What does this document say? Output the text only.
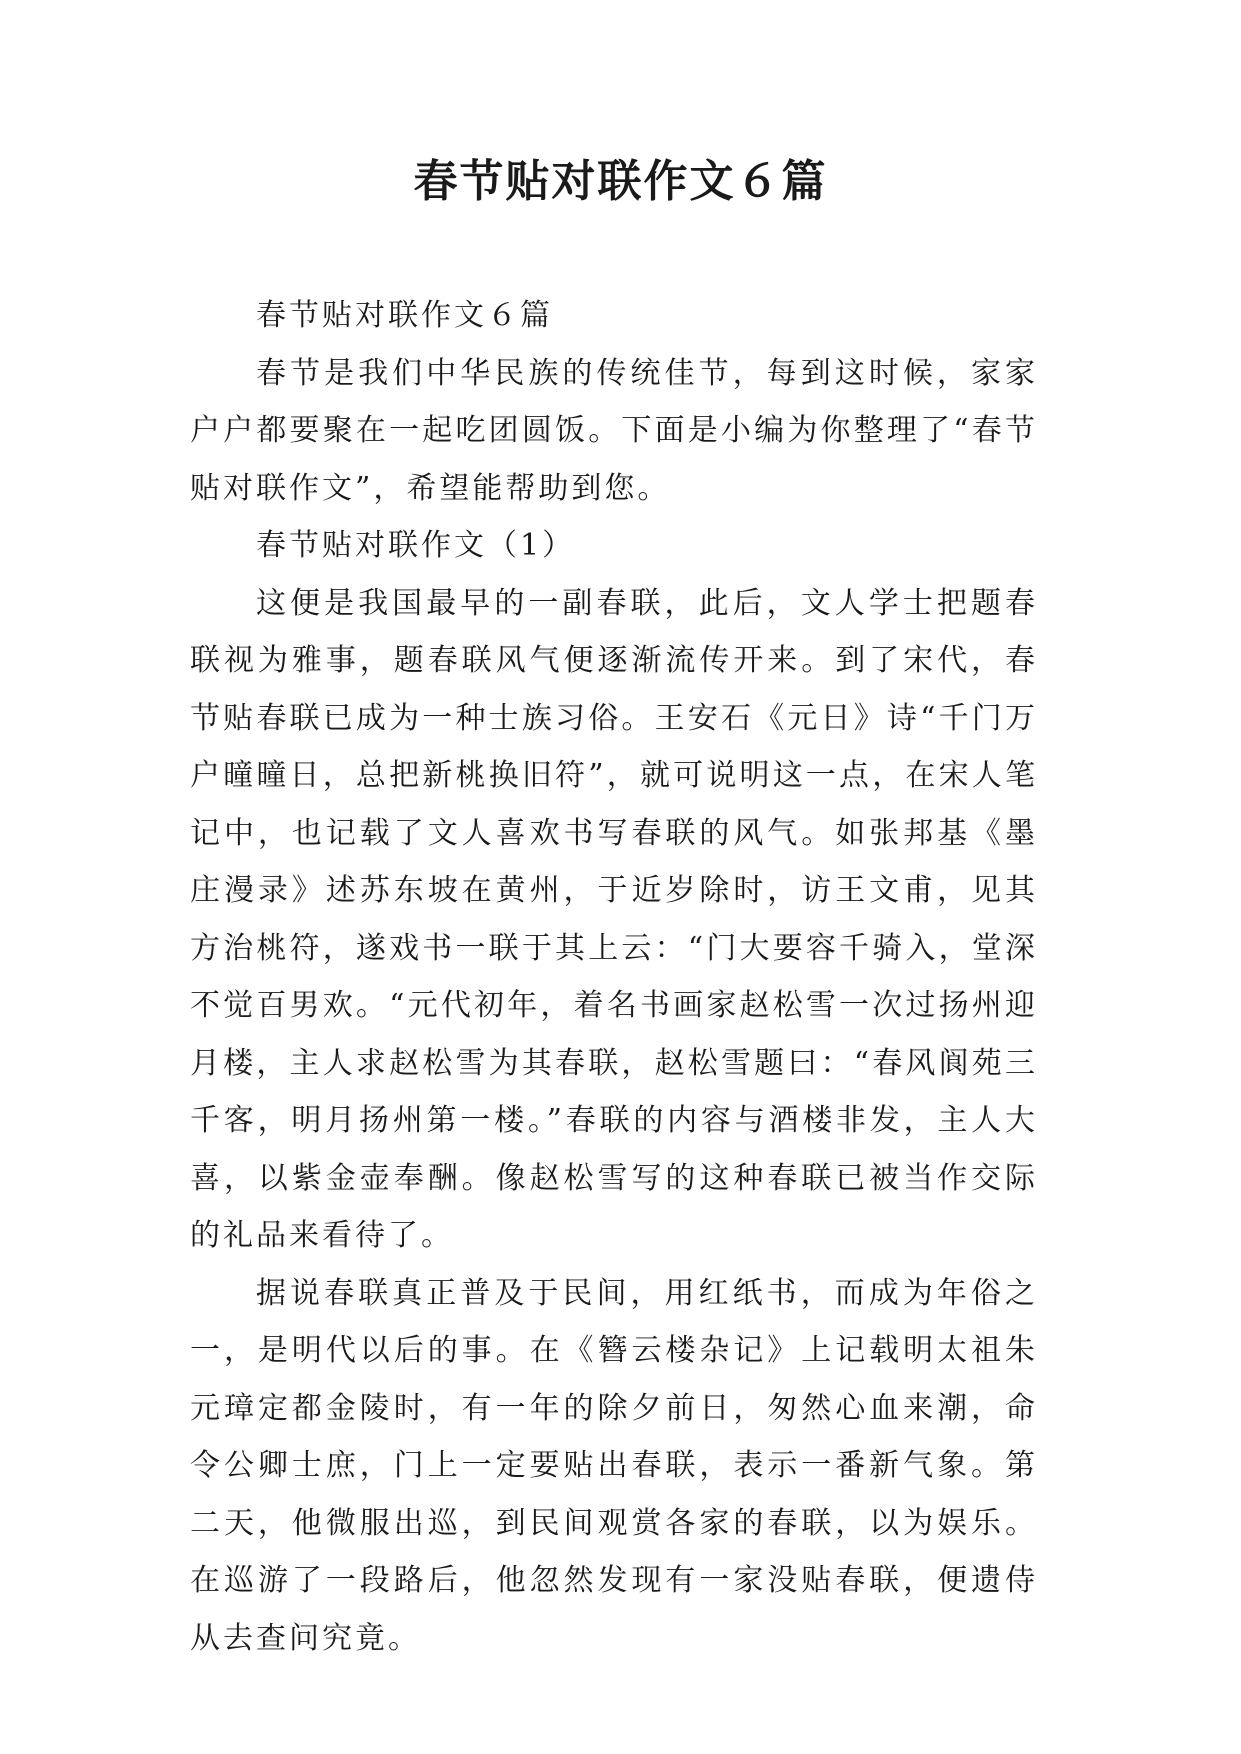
春节贴对联作文６篇

春节贴对联作文６篇

春节是我们中华民族的传统佳节，每到这时候，家家户户都要聚在一起吃团圆饭。下面是小编为你整理了“春节贴对联作文”，希望能帮助到您。

春节贴对联作文（1）

这便是我国最早的一副春联，此后，文人学士把题春联视为雅事，题春联风气便逐渐流传开来。到了宋代，春节贴春联已成为一种士族习俗。王安石《元日》诗“千门万户曈曈日，总把新桃换旧符”，就可说明这一点，在宋人笔记中，也记载了文人喜欢书写春联的风气。如张邦基《墨庄漫录》述苏东坡在黄州，于近岁除时，访王文甫，见其方治桃符，遂戏书一联于其上云：“门大要容千骑入，堂深不觉百男欢。“元代初年，着名书画家赵松雪一次过扬州迎月楼，主人求赵松雪为其春联，赵松雪题曰：“春风阆苑三千客，明月扬州第一楼。”春联的内容与酒楼非发，主人大喜，以紫金壶奉酬。像赵松雪写的这种春联已被当作交际的礼品来看待了。

据说春联真正普及于民间，用红纸书，而成为年俗之一，是明代以后的事。在《簪云楼杂记》上记载明太祖朱元璋定都金陵时，有一年的除夕前日，匆然心血来潮，命令公卿士庶，门上一定要贴出春联，表示一番新气象。第二天，他微服出巡，到民间观赏各家的春联，以为娱乐。在巡游了一段路后，他忽然发现有一家没贴春联，便遗侍从去查问究竟。
